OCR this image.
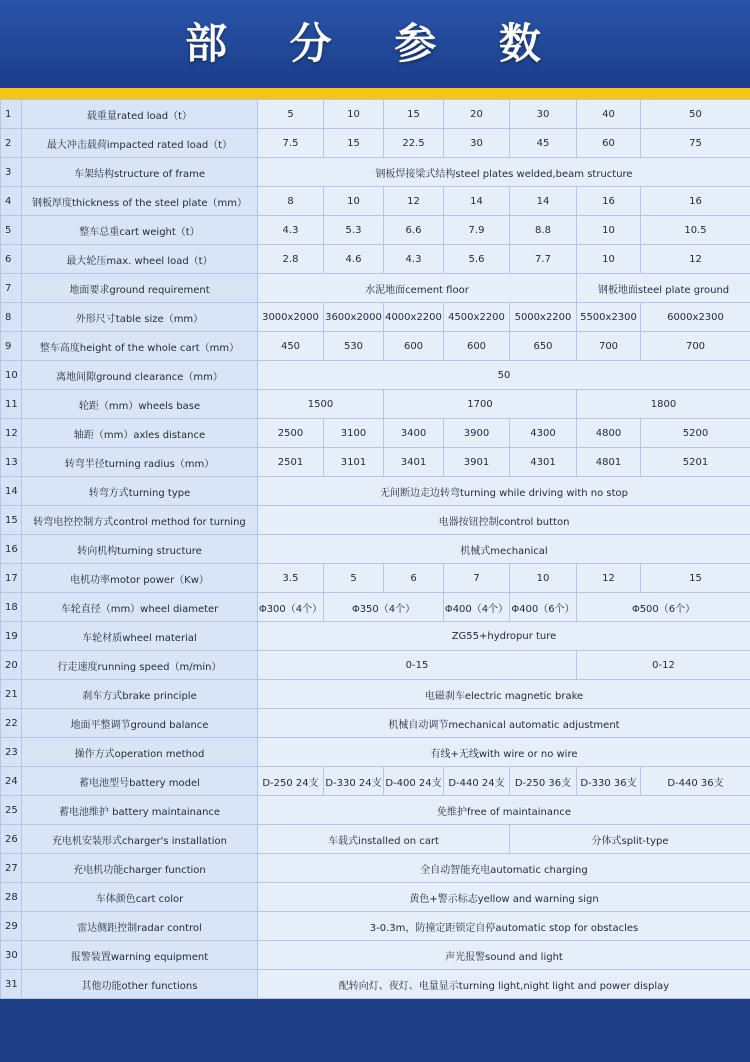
部 分 参 数
1	载重量rated load（t）	5	10	15	20	30	40	50
2	最大冲击载荷impacted rated load（t）	7.5	15	22.5	30	45	60	75
3	车架结构structure of frame	钢板焊接梁式结构steel plates welded,beam structure						
4	钢板厚度thickness of the steel plate（mm）	8	10	12	14	14	16	16
5	整车总重cart weight（t）	4.3	5.3	6.6	7.9	8.8	10	10.5
6	最大轮压max. wheel load（t）	2.8	4.6	4.3	5.6	7.7	10	12
7	地面要求ground requirement	水泥地面cement floor					钢板地面steel plate ground	
8	外形尺寸table size（mm）	3000x2000	3600x2000	4000x2200	4500x2200	5000x2200	5500x2300	6000x2300
9	整车高度height of the whole cart（mm）	450	530	600	600	650	700	700
10	离地间隙ground clearance（mm）	50						
11	轮距（mm）wheels base	1500		1700			1800	
12	轴距（mm）axles distance	2500	3100	3400	3900	4300	4800	5200
13	转弯半径turning radius（mm）	2501	3101	3401	3901	4301	4801	5201
14	转弯方式turning type	无间断边走边转弯turning while driving with no stop						
15	转弯电控控制方式control method for turning	电器按钮控制control button						
16	转向机构turning structure	机械式mechanical						
17	电机功率motor power（Kw）	3.5	5	6	7	10	12	15
18	车轮直径（mm）wheel diameter	Φ300（4个）	Φ350（4个）		Φ400（4个）	Φ400（6个）	Φ500（6个）	
19	车轮材质wheel material	ZG55+hydropur ture						
20	行走速度running speed（m/min）	0-15					0-12	
21	刹车方式brake principle	电磁刹车electric magnetic brake						
22	地面平整调节ground balance	机械自动调节mechanical automatic adjustment						
23	操作方式operation method	有线+无线with wire or no wire						
24	蓄电池型号battery model	D-250 24支	D-330 24支	D-400 24支	D-440 24支	D-250 36支	D-330 36支	D-440 36支
25	蓄电池维护 battery maintainance	免维护free of maintainance						
26	充电机安装形式charger's installation	车载式installed on cart				分体式split-type		
27	充电机功能charger function	全自动智能充电automatic charging						
28	车体颜色cart color	黄色+警示标志yellow and warning sign						
29	雷达侧距控制radar control	3-0.3m，防撞定距锁定自停automatic stop for obstacles						
30	报警装置warning equipment	声光报警sound and light						
31	其他功能other functions	配转向灯、夜灯、电量显示turning light,night light and power display						
